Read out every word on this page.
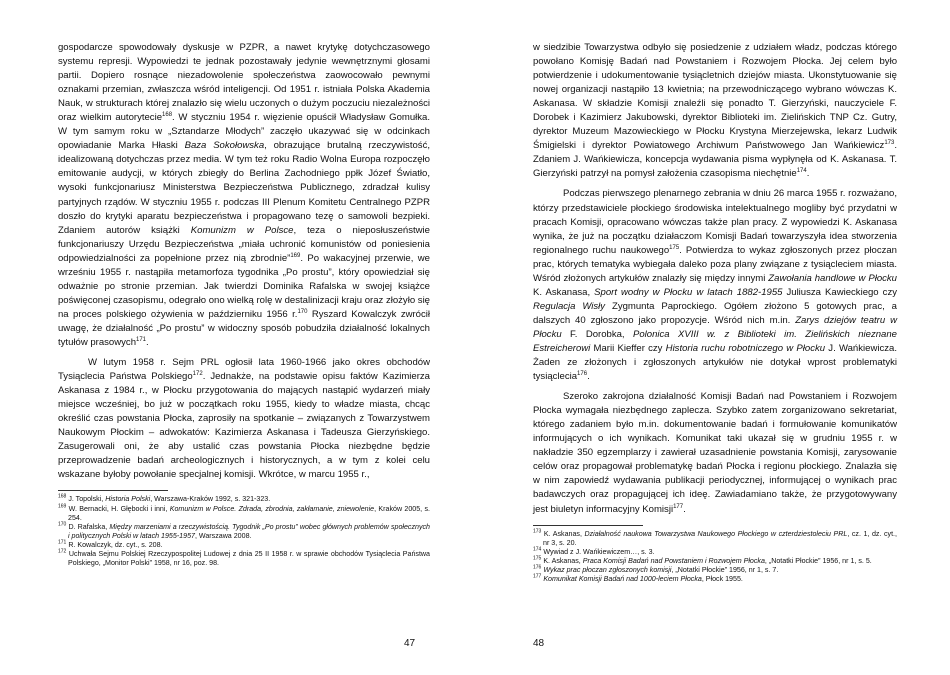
gospodarcze spowodowały dyskusje w PZPR, a nawet krytykę dotychczasowego systemu represji. Wypowiedzi te jednak pozostawały jedynie wewnętrznymi głosami partii. Dopiero rosnące niezadowolenie społeczeństwa zaowocowało pewnymi oznakami przemian, zwłaszcza wśród inteligencji. Od 1951 r. istniała Polska Akademia Nauk, w strukturach której znalazło się wielu uczonych o dużym poczuciu niezależności oraz wielkim autorytecie$^{168}$. W styczniu 1954 r. więzienie opuścił Władysław Gomułka. W tym samym roku w „Sztandarze Młodych” zaczęło ukazywać się w odcinkach opowiadanie Marka Hłaski Baza Sokołowska, obrazujące brutalną rzeczywistość, idealizowaną dotychczas przez media. W tym też roku Radio Wolna Europa rozpoczęło emitowanie audycji, w których zbiegły do Berlina Zachodniego ppłk Józef Światło, wysoki funkcjonariusz Ministerstwa Bezpieczeństwa Publicznego, zdradzał kulisy partyjnych rządów. W styczniu 1955 r. podczas III Plenum Komitetu Centralnego PZPR doszło do krytyki aparatu bezpieczeństwa i propagowano tezę o samowoli bezpieki. Zdaniem autorów książki Komunizm w Polsce, teza o nieposłuszeństwie funkcjonariuszy Urzędu Bezpieczeństwa „miała uchronić komunistów od poniesienia odpowiedzialności za popełnione przez nią zbrodnie”$^{169}$. Po wakacyjnej przerwie, we wrześniu 1955 r. nastąpiła metamorfoza tygodnika „Po prostu”, który opowiedział się odważnie po stronie przemian. Jak twierdzi Dominika Rafalska w swojej książce poświęconej czasopismu, odegrało ono wielką rolę w destalinizacji kraju oraz złożyło się na proces polskiego ożywienia w październiku 1956 r.$^{170}$ Ryszard Kowalczyk zwrócił uwagę, że działalność „Po prostu” w widoczny sposób pobudziła działalność lokalnych tytułów prasowych$^{171}$.

W lutym 1958 r. Sejm PRL ogłosił lata 1960-1966 jako okres obchodów Tysiąclecia Państwa Polskiego$^{172}$. Jednakże, na podstawie opisu faktów Kazimierza Askanasa z 1984 r., w Płocku przygotowania do mających nastąpić wydarzeń miały miejsce wcześniej, bo już w początkach roku 1955, kiedy to władze miasta, chcąc określić czas powstania Płocka, zaprosiły na spotkanie – związanych z Towarzystwem Naukowym Płockim – adwokatów: Kazimierza Askanasa i Tadeusza Gierzyńskiego. Zasugerowali oni, że aby ustalić czas powstania Płocka niezbędne będzie przeprowadzenie badań archeologicznych i historycznych, a w tym z kolei celu wskazane byłoby powołanie specjalnej komisji. Wkrótce, w marcu 1955 r.,

$^{168}$ J. Topolski, Historia Polski, Warszawa-Kraków 1992, s. 321-323.

$^{169}$ W. Bernacki, H. Głębocki i inni, Komunizm w Polsce. Zdrada, zbrodnia, zakłamanie, zniewolenie, Kraków 2005, s. 254.

$^{170}$ D. Rafalska, Między marzeniami a rzeczywistością. Tygodnik „Po prostu” wobec głównych problemów społecznych i politycznych Polski w latach 1955-1957, Warszawa 2008.

$^{171}$ R. Kowalczyk, dz. cyt., s. 208.

$^{172}$ Uchwała Sejmu Polskiej Rzeczypospolitej Ludowej z dnia 25 II 1958 r. w sprawie obchodów Tysiąclecia Państwa Polskiego, „Monitor Polski” 1958, nr 16, poz. 98.

47

w siedzibie Towarzystwa odbyło się posiedzenie z udziałem władz, podczas którego powołano Komisję Badań nad Powstaniem i Rozwojem Płocka. Jej celem było potwierdzenie i udokumentowanie tysiącletnich dziejów miasta. Ukonstytuowanie się nowej organizacji nastąpiło 13 kwietnia; na przewodniczącego wybrano wówczas K. Askanasa. W składzie Komisji znaleźli się ponadto T. Gierzyński, nauczyciele F. Dorobek i Kazimierz Jakubowski, dyrektor Biblioteki im. Zielińskich TNP Cz. Gutry, dyrektor Muzeum Mazowieckiego w Płocku Krystyna Mierzejewska, lekarz Ludwik Śmigielski i dyrektor Powiatowego Archiwum Państwowego Jan Wańkiewicz$^{173}$. Zdaniem J. Wańkiewicza, koncepcja wydawania pisma wypłynęła od K. Askanasa. T. Gierzyński patrzył na pomysł założenia czasopisma niechętnie$^{174}$.

Podczas pierwszego plenarnego zebrania w dniu 26 marca 1955 r. rozważano, którzy przedstawiciele płockiego środowiska intelektualnego mogliby być przydatni w pracach Komisji, opracowano wówczas także plan pracy. Z wypowiedzi K. Askanasa wynika, że już na początku działaczom Komisji Badań towarzyszyła idea stworzenia regionalnego ruchu naukowego$^{175}$. Potwierdza to wykaz zgłoszonych przez płoczan prac, których tematyka wybiegała daleko poza plany związane z tysiącleciem miasta. Wśród złożonych artykułów znalazły się między innymi Zawołania handlowe w Płocku K. Askanasa, Sport wodny w Płocku w latach 1882-1955 Juliusza Kawieckiego czy Regulacja Wisły Zygmunta Paprockiego. Ogółem złożono 5 gotowych prac, a dalszych 40 zgłoszono jako propozycje. Wśród nich m.in. Zarys dziejów teatru w Płocku F. Dorobka, Polonica XVIII w. z Biblioteki im. Zielińskich nieznane Estreicherowi Marii Kieffer czy Historia ruchu robotniczego w Płocku J. Wańkiewicza. Żaden ze złożonych i zgłoszonych artykułów nie dotykał wprost problematyki tysiąclecia$^{176}$.

Szeroko zakrojona działalność Komisji Badań nad Powstaniem i Rozwojem Płocka wymagała niezbędnego zaplecza. Szybko zatem zorganizowano sekretariat, którego zadaniem było m.in. dokumentowanie badań i formułowanie komunikatów informujących o ich wynikach. Komunikat taki ukazał się w grudniu 1955 r. w nakładzie 350 egzemplarzy i zawierał uzasadnienie powstania Komisji, zarysowanie celów oraz propagował problematykę badań Płocka i regionu płockiego. Znalazła się w nim zapowiedź wydawania publikacji periodycznej, informującej o wynikach prac badawczych oraz propagującej ich ideę. Zawiadamiano także, że przygotowywany jest biuletyn informacyjny Komisji$^{177}$.

$^{173}$ K. Askanas, Działalność naukowa Towarzystwa Naukowego Płockiego w czterdziestoleciu PRL, cz. 1, dz. cyt., nr 3, s. 20.

$^{174}$ Wywiad z J. Wańkiewiczem…, s. 3.

$^{175}$ K. Askanas, Praca Komisji Badań nad Powstaniem i Rozwojem Płocka, „Notatki Płockie” 1956, nr 1, s. 5.

$^{176}$ Wykaz prac płoczan zgłoszonych komisji, „Notatki Płockie” 1956, nr 1, s. 7.

$^{177}$ Komunikat Komisji Badań nad 1000-leciem Płocka, Płock 1955.

48
